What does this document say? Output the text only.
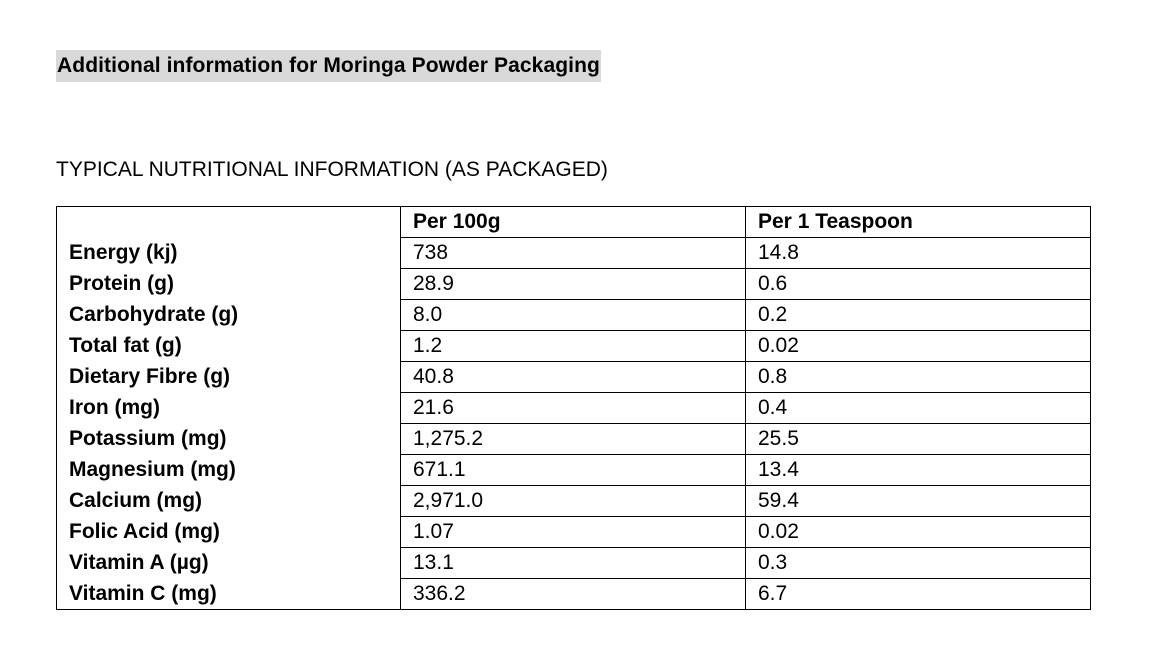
Additional information for Moringa Powder Packaging
TYPICAL NUTRITIONAL INFORMATION (AS PACKAGED)
	Per 100g	Per 1 Teaspoon
Energy (kj)	738	14.8
Protein (g)	28.9	0.6
Carbohydrate (g)	8.0	0.2
Total fat (g)	1.2	0.02
Dietary Fibre (g)	40.8	0.8
Iron (mg)	21.6	0.4
Potassium (mg)	1,275.2	25.5
Magnesium (mg)	671.1	13.4
Calcium (mg)	2,971.0	59.4
Folic Acid (mg)	1.07	0.02
Vitamin A (µg)	13.1	0.3
Vitamin C (mg)	336.2	6.7
